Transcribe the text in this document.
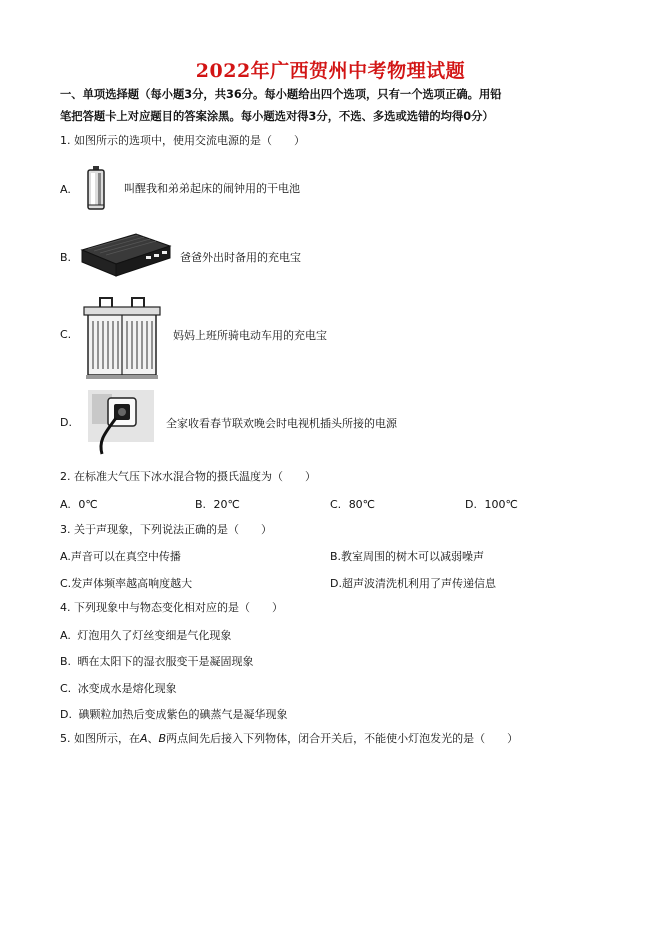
2022年广西贺州中考物理试题
一、单项选择题（每小题3分，共36分。每小题给出四个选项，只有一个选项正确。用铅
笔把答题卡上对应题目的答案涂黑。每小题选对得3分，不选、多选或选错的均得0分）
1. 如图所示的选项中，使用交流电源的是（　　）
A.	叫醒我和弟弟起床的闹钟用的干电池
B.	爸爸外出时备用的充电宝
C.	妈妈上班所骑电动车用的充电宝
D.	全家收看春节联欢晚会时电视机插头所接的电源
2. 在标准大气压下冰水混合物的摄氏温度为（　　）
A. 0℃	B. 20℃	C. 80℃	D. 100℃
3. 关于声现象，下列说法正确的是（　　）
A.声音可以在真空中传播	B.教室周围的树木可以减弱噪声
C.发声体频率越高响度越大	D.超声波清洗机利用了声传递信息
4. 下列现象中与物态变化相对应的是（　　）
A. 灯泡用久了灯丝变细是气化现象
B. 晒在太阳下的湿衣服变干是凝固现象
C. 冰变成水是熔化现象
D. 碘颗粒加热后变成紫色的碘蒸气是凝华现象
5. 如图所示，在A、B两点间先后接入下列物体，闭合开关后，不能使小灯泡发光的是（　　）
